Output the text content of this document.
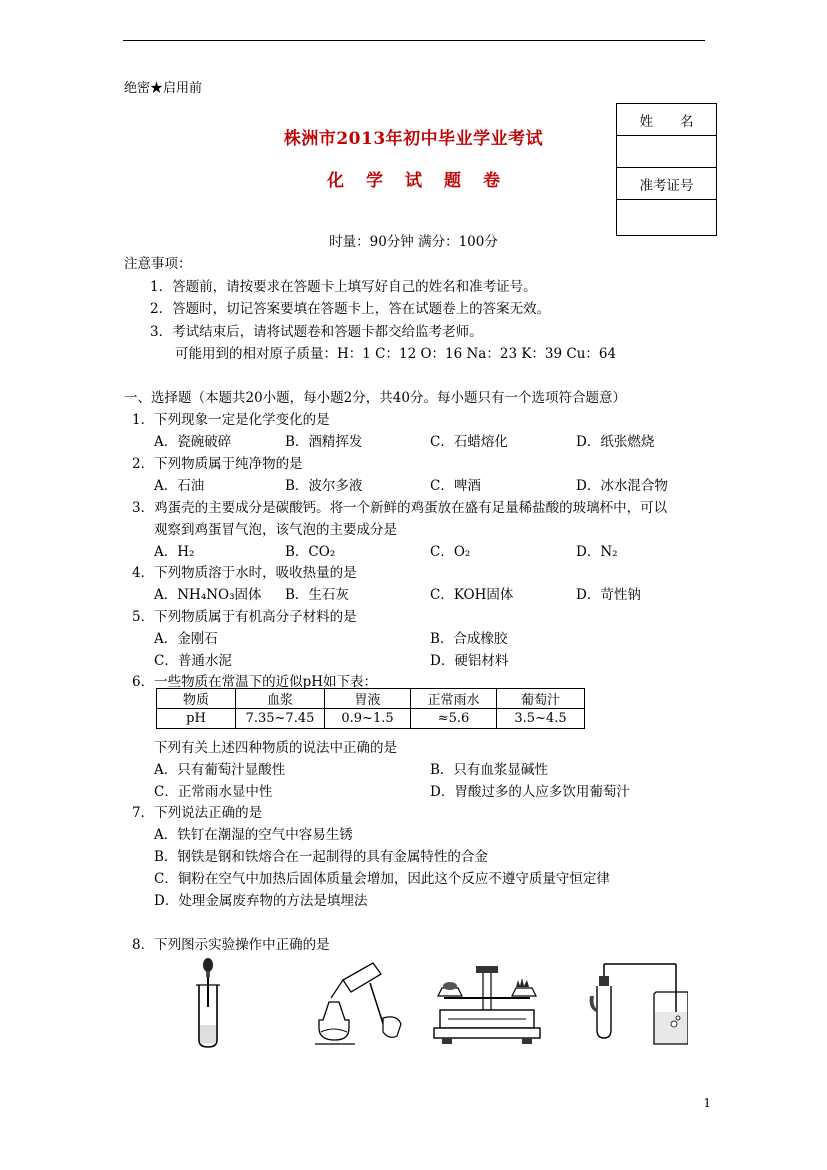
绝密★启用前
株洲市2013年初中毕业学业考试
化 学 试 题 卷
姓　　名
准考证号
时量：90分钟 满分：100分
注意事项：
1．答题前，请按要求在答题卡上填写好自己的姓名和准考证号。
2．答题时，切记答案要填在答题卡上，答在试题卷上的答案无效。
3．考试结束后，请将试题卷和答题卡都交给监考老师。
可能用到的相对原子质量：H：1 C：12 O：16 Na：23 K：39 Cu：64
一、选择题（本题共20小题，每小题2分，共40分。每小题只有一个选项符合题意）
1．下列现象一定是化学变化的是
A．瓷碗破碎	B．酒精挥发	C．石蜡熔化	D．纸张燃烧
2．下列物质属于纯净物的是
A．石油	B．波尔多液	C．啤酒	D．冰水混合物
3．鸡蛋壳的主要成分是碳酸钙。将一个新鲜的鸡蛋放在盛有足量稀盐酸的玻璃杯中，可以
观察到鸡蛋冒气泡，该气泡的主要成分是
A．H₂	B．CO₂	C．O₂	D．N₂
4．下列物质溶于水时，吸收热量的是
A．NH₄NO₃固体 B．生石灰	C．KOH固体	D．苛性钠
5．下列物质属于有机高分子材料的是
A．金刚石	B．合成橡胶
C．普通水泥	D．硬铝材料
6．一些物质在常温下的近似pH如下表：
物质	血浆	胃液	正常雨水	葡萄汁
pH	7.35~7.45	0.9~1.5	≈5.6	3.5~4.5
下列有关上述四种物质的说法中正确的是
A．只有葡萄汁显酸性	B．只有血浆显碱性
C．正常雨水显中性	D．胃酸过多的人应多饮用葡萄汁
7．下列说法正确的是
A．铁钉在潮湿的空气中容易生锈
B．钢铁是钢和铁熔合在一起制得的具有金属特性的合金
C．铜粉在空气中加热后固体质量会增加，因此这个反应不遵守质量守恒定律
D．处理金属废弃物的方法是填埋法
8．下列图示实验操作中正确的是
1
